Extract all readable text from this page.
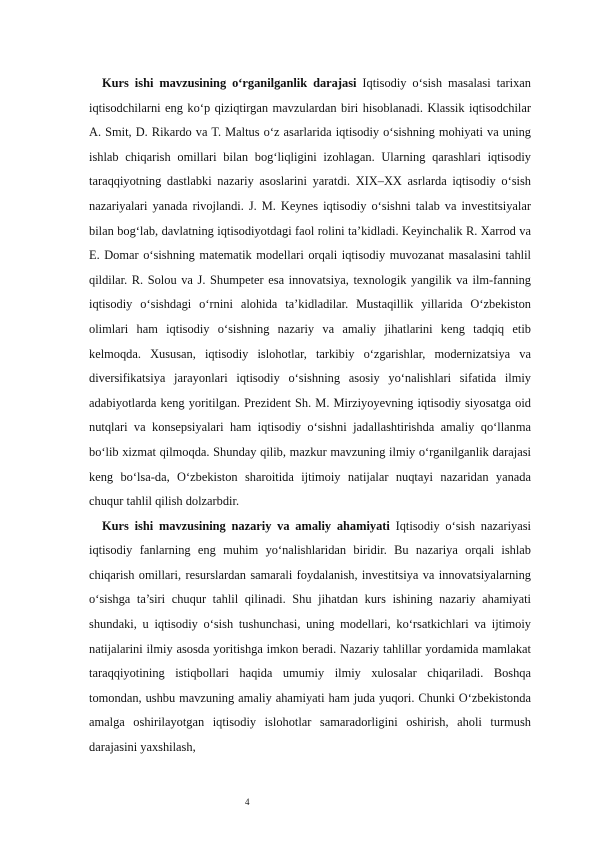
Kurs ishi mavzusining o‘rganilganlik darajasi Iqtisodiy o‘sish masalasi tarixan iqtisodchilarni eng ko‘p qiziqtirgan mavzulardan biri hisoblanadi. Klassik iqtisodchilar A. Smit, D. Rikardo va T. Maltus o‘z asarlarida iqtisodiy o‘sishning mohiyati va uning ishlab chiqarish omillari bilan bog‘liqligini izohlagan. Ularning qarashlari iqtisodiy taraqqiyotning dastlabki nazariy asoslarini yaratdi. XIX–XX asrlarda iqtisodiy o‘sish nazariyalari yanada rivojlandi. J. M. Keynes iqtisodiy o‘sishni talab va investitsiyalar bilan bog‘lab, davlatning iqtisodiyotdagi faol rolini ta’kidladi. Keyinchalik R. Xarrod va E. Domar o‘sishning matematik modellari orqali iqtisodiy muvozanat masalasini tahlil qildilar. R. Solou va J. Shumpeter esa innovatsiya, texnologik yangilik va ilm-fanning iqtisodiy o‘sishdagi o‘rnini alohida ta’kidladilar. Mustaqillik yillarida O‘zbekiston olimlari ham iqtisodiy o‘sishning nazariy va amaliy jihatlarini keng tadqiq etib kelmoqda. Xususan, iqtisodiy islohotlar, tarkibiy o‘zgarishlar, modernizatsiya va diversifikatsiya jarayonlari iqtisodiy o‘sishning asosiy yo‘nalishlari sifatida ilmiy adabiyotlarda keng yoritilgan. Prezident Sh. M. Mirziyoyevning iqtisodiy siyosatga oid nutqlari va konsepsiyalari ham iqtisodiy o‘sishni jadallashtirishda amaliy qo‘llanma bo‘lib xizmat qilmoqda. Shunday qilib, mazkur mavzuning ilmiy o‘rganilganlik darajasi keng bo‘lsa-da, O‘zbekiston sharoitida ijtimoiy natijalar nuqtayi nazaridan yanada chuqur tahlil qilish dolzarbdir.

Kurs ishi mavzusining nazariy va amaliy ahamiyati Iqtisodiy o‘sish nazariyasi iqtisodiy fanlarning eng muhim yo‘nalishlaridan biridir. Bu nazariya orqali ishlab chiqarish omillari, resurslardan samarali foydalanish, investitsiya va innovatsiyalarning o‘sishga ta’siri chuqur tahlil qilinadi. Shu jihatdan kurs ishining nazariy ahamiyati shundaki, u iqtisodiy o‘sish tushunchasi, uning modellari, ko‘rsatkichlari va ijtimoiy natijalarini ilmiy asosda yoritishga imkon beradi. Nazariy tahlillar yordamida mamlakat taraqqiyotining istiqbollari haqida umumiy ilmiy xulosalar chiqariladi. Boshqa tomondan, ushbu mavzuning amaliy ahamiyati ham juda yuqori. Chunki O‘zbekistonda amalga oshirilayotgan iqtisodiy islohotlar samaradorligini oshirish, aholi turmush darajasini yaxshilash,

4
